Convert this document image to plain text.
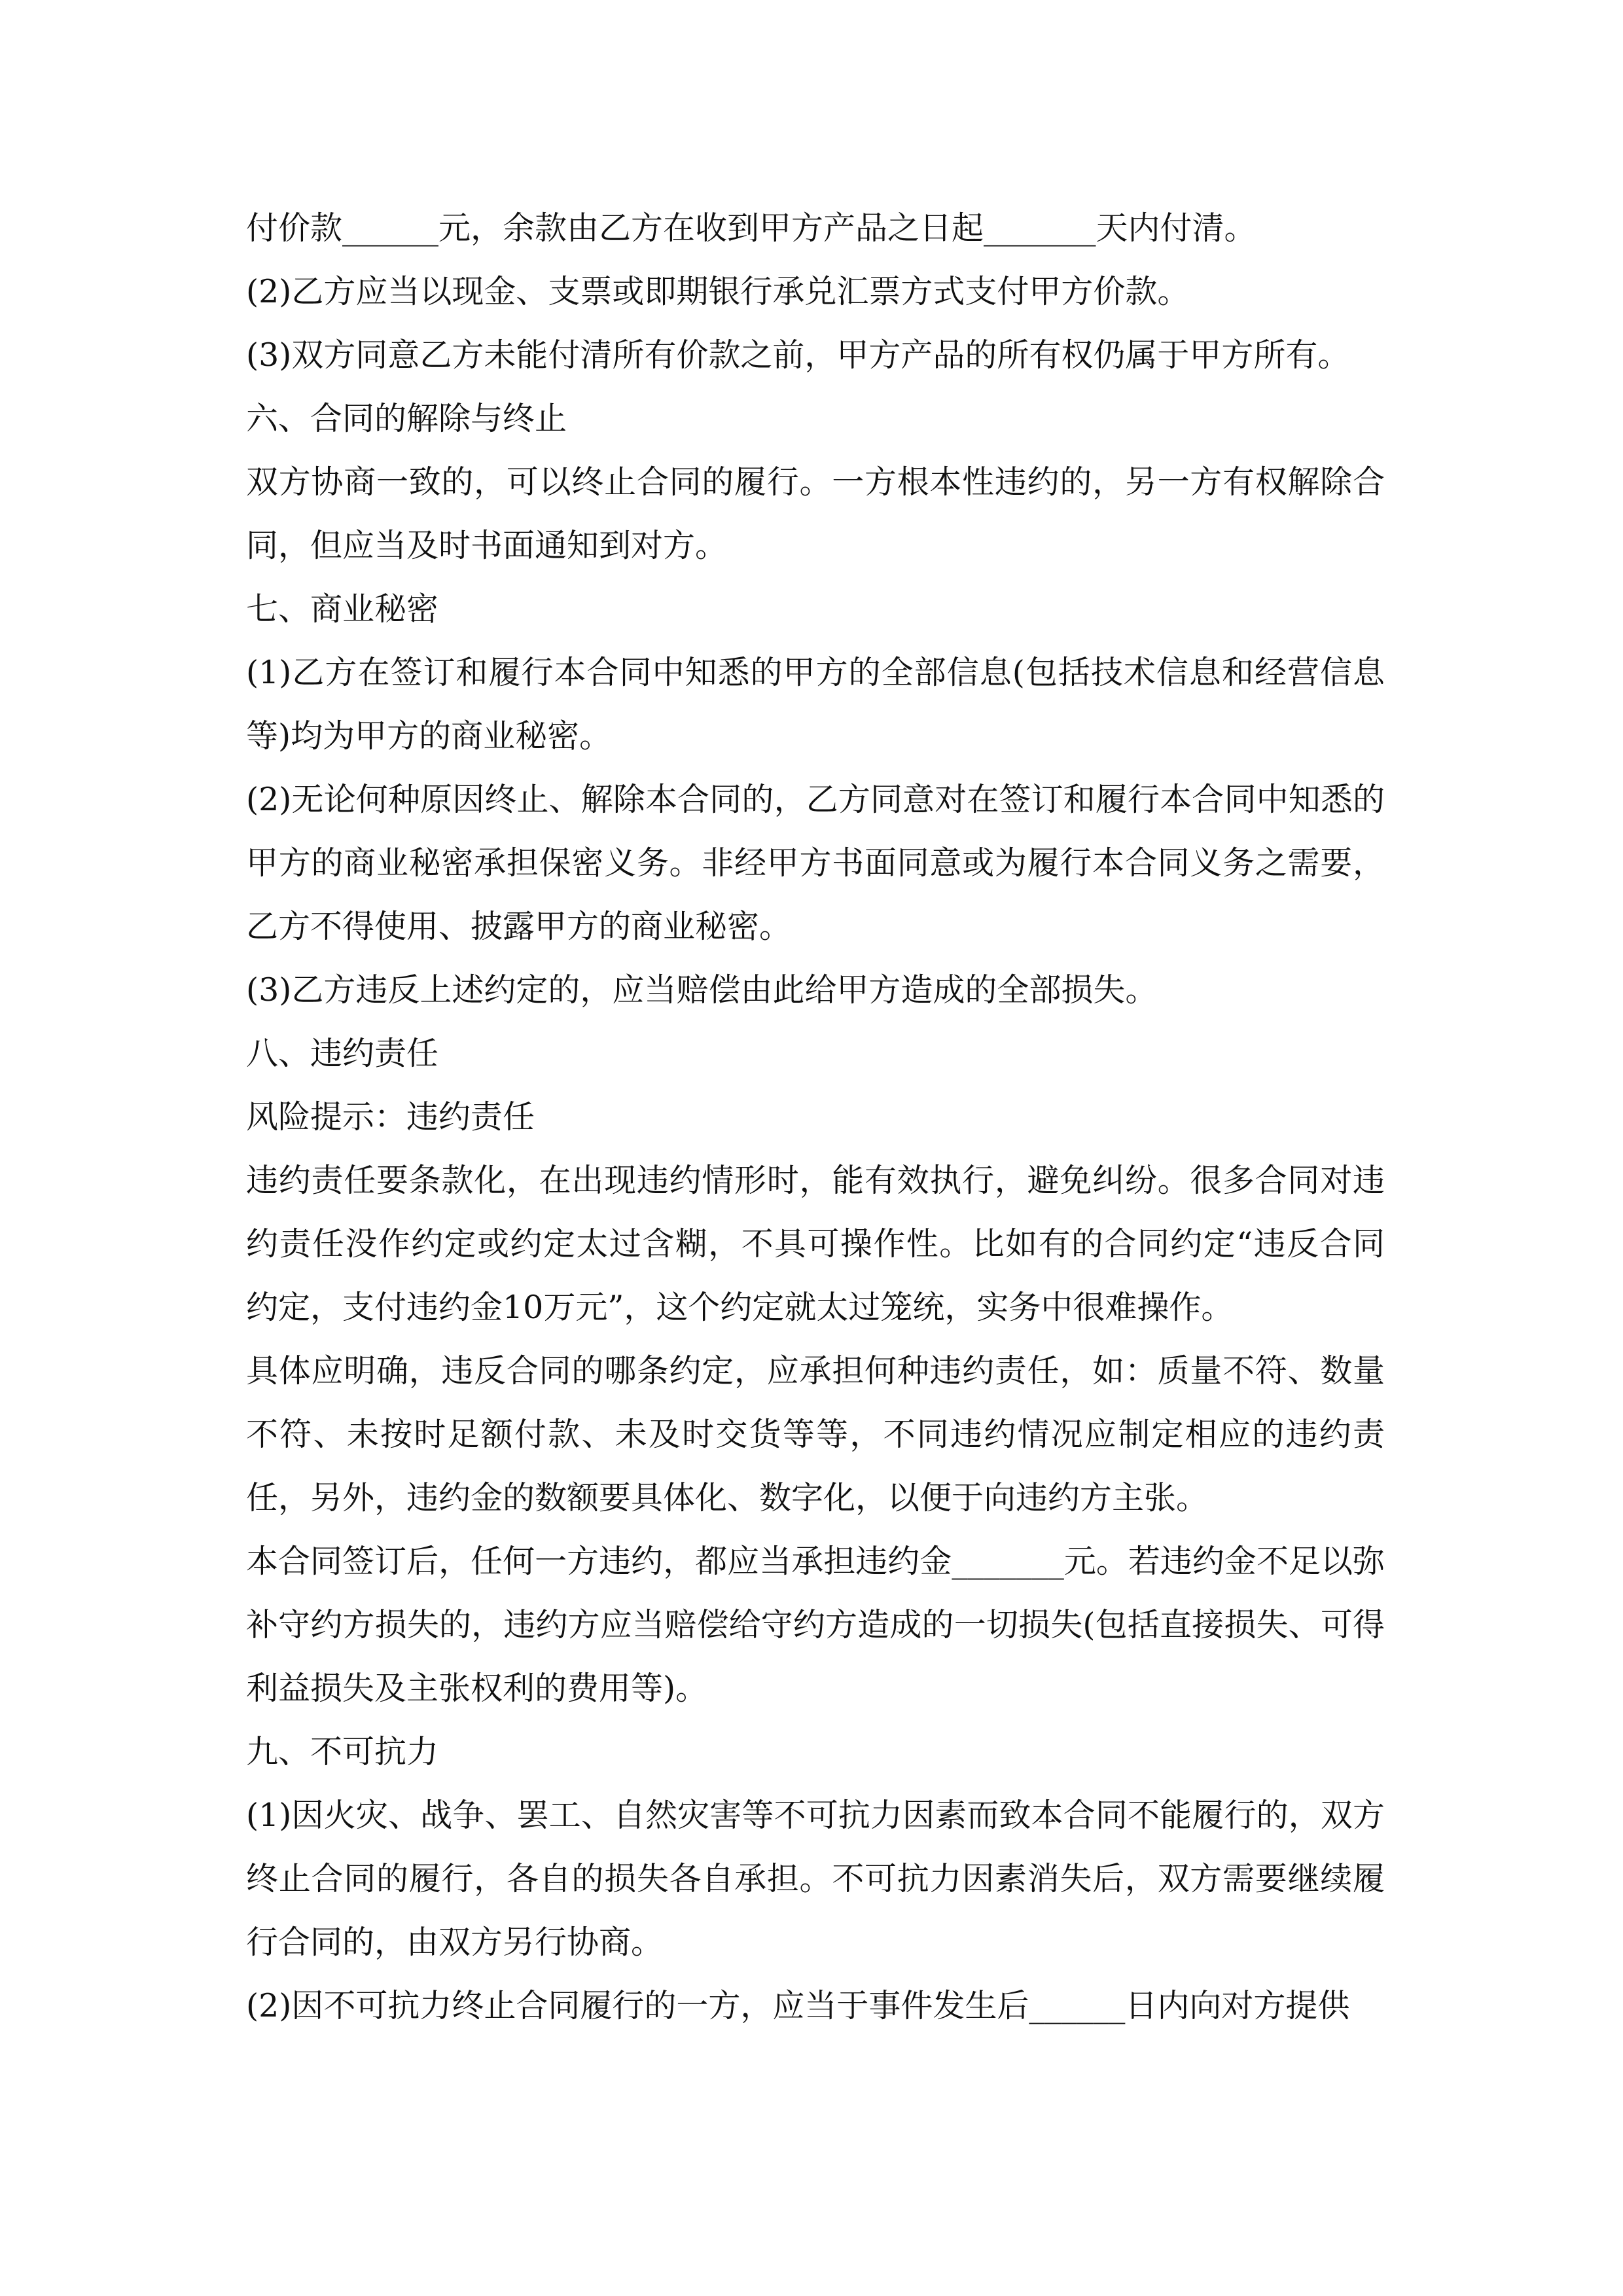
付价款______元，余款由乙方在收到甲方产品之日起_______天内付清。

(2)乙方应当以现金、支票或即期银行承兑汇票方式支付甲方价款。

(3)双方同意乙方未能付清所有价款之前，甲方产品的所有权仍属于甲方所有。

六、合同的解除与终止

双方协商一致的，可以终止合同的履行。一方根本性违约的，另一方有权解除合同，但应当及时书面通知到对方。

七、商业秘密

(1)乙方在签订和履行本合同中知悉的甲方的全部信息(包括技术信息和经营信息等)均为甲方的商业秘密。

(2)无论何种原因终止、解除本合同的，乙方同意对在签订和履行本合同中知悉的甲方的商业秘密承担保密义务。非经甲方书面同意或为履行本合同义务之需要，乙方不得使用、披露甲方的商业秘密。

(3)乙方违反上述约定的，应当赔偿由此给甲方造成的全部损失。

八、违约责任

风险提示：违约责任

违约责任要条款化，在出现违约情形时，能有效执行，避免纠纷。很多合同对违约责任没作约定或约定太过含糊，不具可操作性。比如有的合同约定“违反合同约定，支付违约金10万元”，这个约定就太过笼统，实务中很难操作。

具体应明确，违反合同的哪条约定，应承担何种违约责任，如：质量不符、数量不符、未按时足额付款、未及时交货等等，不同违约情况应制定相应的违约责任，另外，违约金的数额要具体化、数字化，以便于向违约方主张。

本合同签订后，任何一方违约，都应当承担违约金_______元。若违约金不足以弥补守约方损失的，违约方应当赔偿给守约方造成的一切损失(包括直接损失、可得利益损失及主张权利的费用等)。

九、不可抗力

(1)因火灾、战争、罢工、自然灾害等不可抗力因素而致本合同不能履行的，双方终止合同的履行，各自的损失各自承担。不可抗力因素消失后，双方需要继续履行合同的，由双方另行协商。

(2)因不可抗力终止合同履行的一方，应当于事件发生后______日内向对方提供
